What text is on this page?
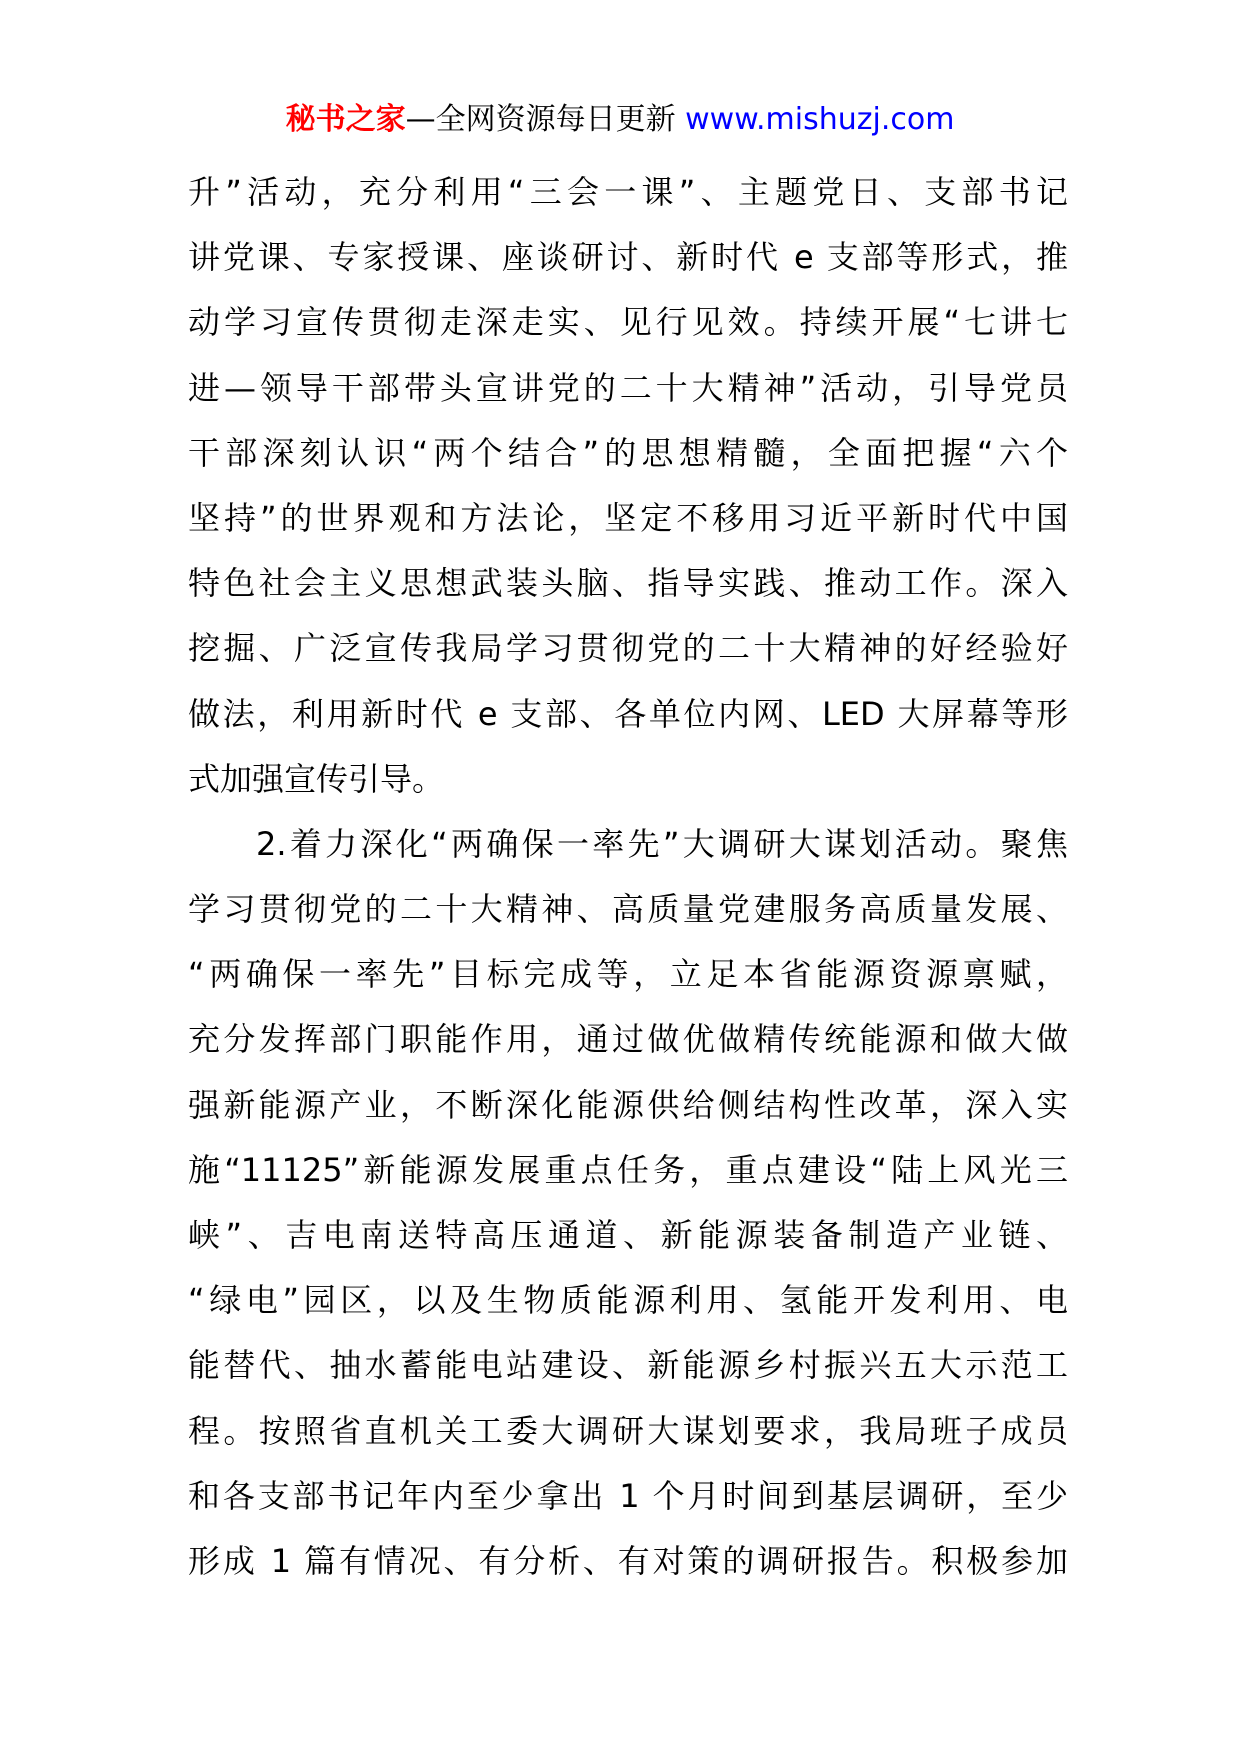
秘书之家—全网资源每日更新 www.mishuzj.com
升”活动，充分利用“三会一课”、主题党日、支部书记
讲党课、专家授课、座谈研讨、新时代 e 支部等形式，推
动学习宣传贯彻走深走实、见行见效。持续开展“七讲七
进—领导干部带头宣讲党的二十大精神”活动，引导党员
干部深刻认识“两个结合”的思想精髓，全面把握“六个
坚持”的世界观和方法论，坚定不移用习近平新时代中国
特色社会主义思想武装头脑、指导实践、推动工作。深入
挖掘、广泛宣传我局学习贯彻党的二十大精神的好经验好
做法，利用新时代 e 支部、各单位内网、LED 大屏幕等形
式加强宣传引导。
2.着力深化“两确保一率先”大调研大谋划活动。聚焦
学习贯彻党的二十大精神、高质量党建服务高质量发展、
“两确保一率先”目标完成等，立足本省能源资源禀赋，
充分发挥部门职能作用，通过做优做精传统能源和做大做
强新能源产业，不断深化能源供给侧结构性改革，深入实
施“11125”新能源发展重点任务，重点建设“陆上风光三
峡”、吉电南送特高压通道、新能源装备制造产业链、
“绿电”园区，以及生物质能源利用、氢能开发利用、电
能替代、抽水蓄能电站建设、新能源乡村振兴五大示范工
程。按照省直机关工委大调研大谋划要求，我局班子成员
和各支部书记年内至少拿出 1 个月时间到基层调研，至少
形成 1 篇有情况、有分析、有对策的调研报告。积极参加
